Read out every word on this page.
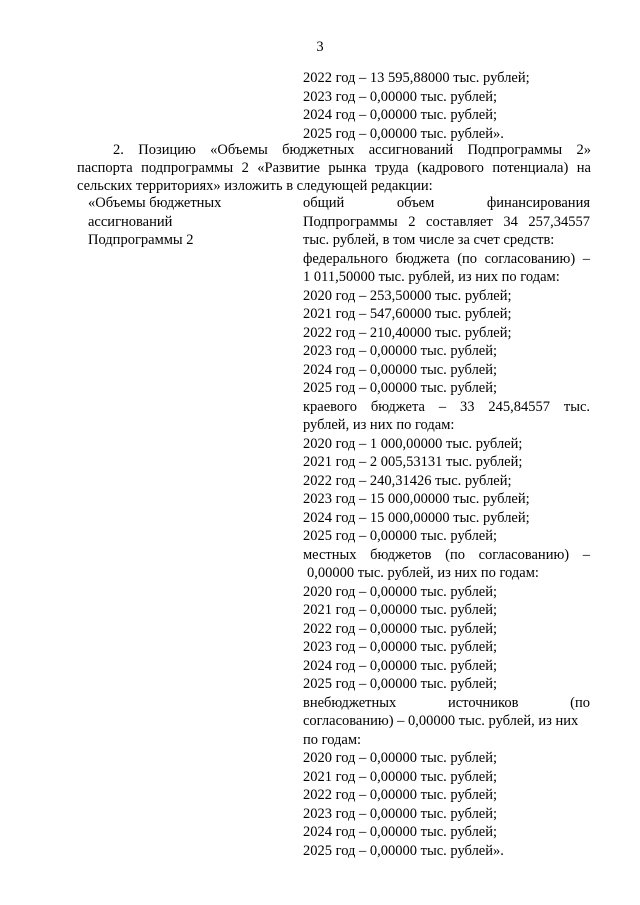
3
2022 год – 13 595,88000 тыс. рублей;
2023 год – 0,00000 тыс. рублей;
2024 год – 0,00000 тыс. рублей;
2025 год – 0,00000 тыс. рублей».
2. Позицию «Объемы бюджетных ассигнований Подпрограммы 2»
паспорта подпрограммы 2 «Развитие рынка труда (кадрового потенциала) на
сельских территориях» изложить в следующей редакции:
«Объемы бюджетных
ассигнований
Подпрограммы 2
общий объем финансирования
Подпрограммы 2 составляет 34 257,34557
тыс. рублей, в том числе за счет средств:
федерального бюджета (по согласованию) –
1 011,50000 тыс. рублей, из них по годам:
2020 год – 253,50000 тыс. рублей;
2021 год – 547,60000 тыс. рублей;
2022 год – 210,40000 тыс. рублей;
2023 год – 0,00000 тыс. рублей;
2024 год – 0,00000 тыс. рублей;
2025 год – 0,00000 тыс. рублей;
краевого бюджета – 33 245,84557 тыс.
рублей, из них по годам:
2020 год – 1 000,00000 тыс. рублей;
2021 год – 2 005,53131 тыс. рублей;
2022 год – 240,31426 тыс. рублей;
2023 год – 15 000,00000 тыс. рублей;
2024 год – 15 000,00000 тыс. рублей;
2025 год – 0,00000 тыс. рублей;
местных бюджетов (по согласованию) –
0,00000 тыс. рублей, из них по годам:
2020 год – 0,00000 тыс. рублей;
2021 год – 0,00000 тыс. рублей;
2022 год – 0,00000 тыс. рублей;
2023 год – 0,00000 тыс. рублей;
2024 год – 0,00000 тыс. рублей;
2025 год – 0,00000 тыс. рублей;
внебюджетных источников (по
согласованию) – 0,00000 тыс. рублей, из них
по годам:
2020 год – 0,00000 тыс. рублей;
2021 год – 0,00000 тыс. рублей;
2022 год – 0,00000 тыс. рублей;
2023 год – 0,00000 тыс. рублей;
2024 год – 0,00000 тыс. рублей;
2025 год – 0,00000 тыс. рублей».
